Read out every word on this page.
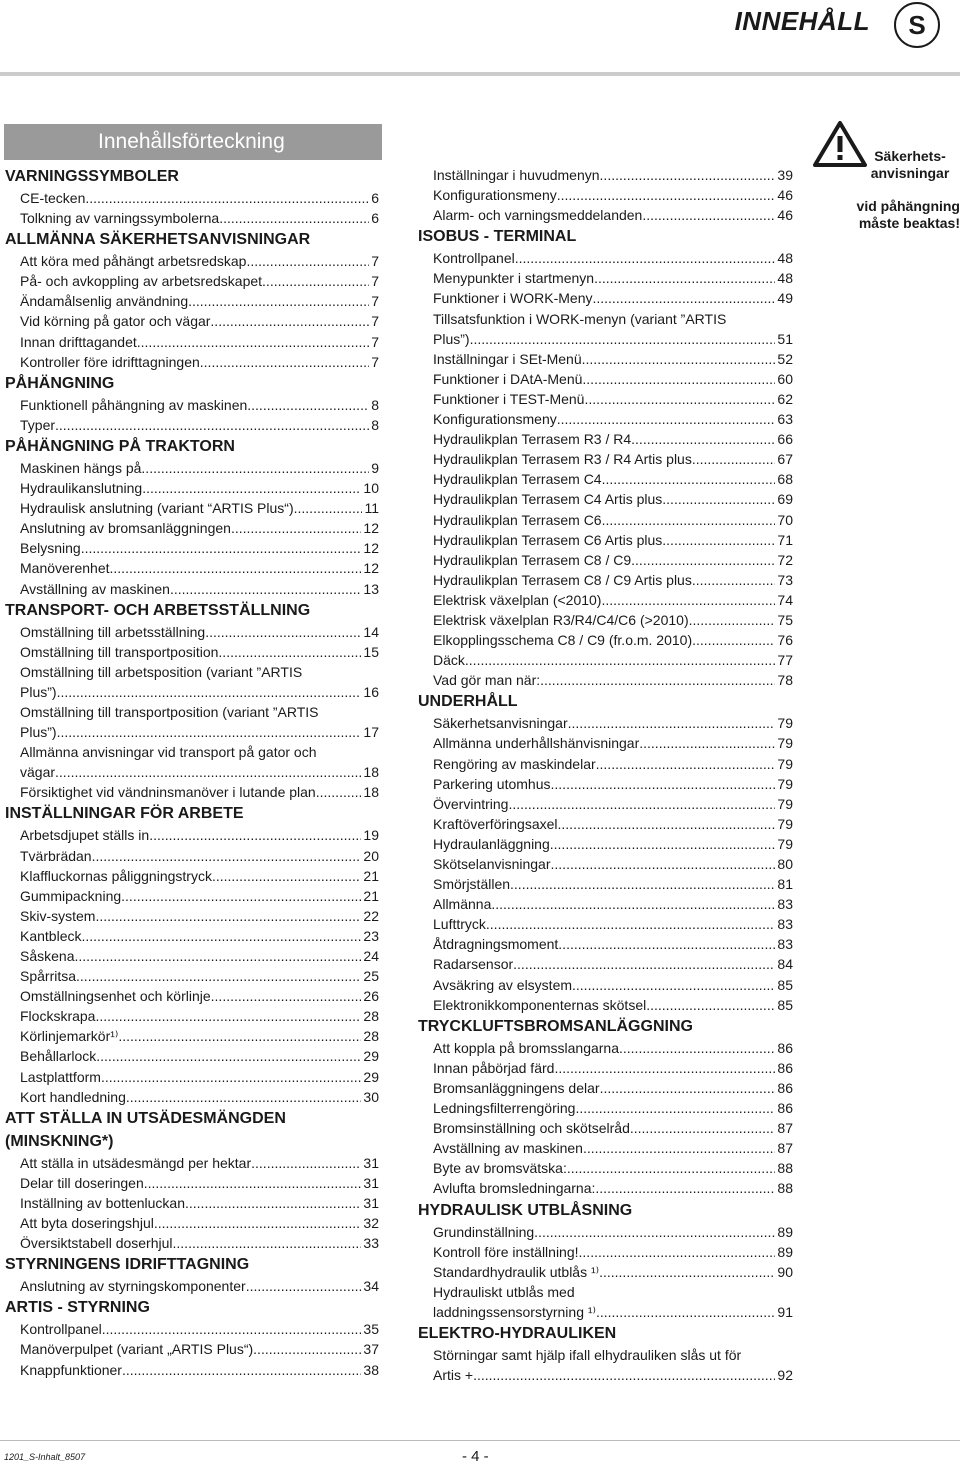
INNEHÅLL	S
Innehållsförteckning
VARNINGSSYMBOLER
CE-tecken .....	6
Tolkning av varningssymbolerna .....	6
ALLMÄNNA SÄKERHETSANVISNINGAR
Att köra med påhängt arbetsredskap .....	7
På- och avkoppling av arbetsredskapet .....	7
Ändamålsenlig användning .....	7
Vid körning på gator och vägar .....	7
Innan drifttagandet .....	7
Kontroller före idrifttagningen .....	7
PÅHÄNGNING
Funktionell påhängning av maskinen .....	8
Typer .....	8
PÅHÄNGNING PÅ TRAKTORN
Maskinen hängs på .....	9
Hydraulikanslutning .....	10
Hydraulisk anslutning (variant “ARTIS Plus“) .....	11
Anslutning av bromsanläggningen .....	12
Belysning .....	12
Manöverenhet .....	12
Avställning av maskinen .....	13
TRANSPORT- OCH ARBETSSTÄLLNING
Omställning till arbetsställning .....	14
Omställning till transportposition .....	15
Omställning till arbetsposition (variant ”ARTIS
Plus”) .....	16
Omställning till transportposition (variant ”ARTIS
Plus”) .....	17
Allmänna anvisningar vid transport på gator och
vägar .....	18
Försiktighet vid vändninsmanöver i lutande plan .....	18
INSTÄLLNINGAR FÖR ARBETE
Arbetsdjupet ställs in .....	19
Tvärbrädan .....	20
Klaffluckornas påliggningstryck .....	21
Gummipackning .....	21
Skiv-system .....	22
Kantbleck .....	23
Såskena .....	24
Spårritsa .....	25
Omställningsenhet och körlinje .....	26
Flockskrapa .....	28
Körlinjemarkör¹⁾ .....	28
Behållarlock .....	29
Lastplattform .....	29
Kort handledning .....	30
ATT STÄLLA IN UTSÄDESMÄNGDEN
(MINSKNING*)
Att ställa in utsädesmängd per hektar .....	31
Delar till doseringen .....	31
Inställning av bottenluckan .....	31
Att byta doseringshjul .....	32
Översiktstabell doserhjul .....	33
STYRNINGENS IDRIFTTAGNING
Anslutning av styrningskomponenter .....	34
ARTIS - STYRNING
Kontrollpanel .....	35
Manöverpulpet (variant „ARTIS Plus“) .....	37
Knappfunktioner .....	38
Inställningar i huvudmenyn .....	39
Konfigurationsmeny .....	46
Alarm- och varningsmeddelanden .....	46
ISOBUS - TERMINAL
Kontrollpanel .....	48
Menypunkter i startmenyn .....	48
Funktioner i WORK-Meny .....	49
Tillsatsfunktion i WORK-menyn (variant ”ARTIS
Plus”) .....	51
Inställningar i SEt-Menü .....	52
Funktioner i DAtA-Menü .....	60
Funktioner i TEST-Menü .....	62
Konfigurationsmeny .....	63
Hydraulikplan Terrasem R3 / R4 .....	66
Hydraulikplan Terrasem R3 / R4 Artis plus .....	67
Hydraulikplan Terrasem C4 .....	68
Hydraulikplan Terrasem C4 Artis plus .....	69
Hydraulikplan Terrasem C6 .....	70
Hydraulikplan Terrasem C6 Artis plus .....	71
Hydraulikplan Terrasem C8 / C9 .....	72
Hydraulikplan Terrasem C8 / C9 Artis plus .....	73
Elektrisk växelplan (<2010) .....	74
Elektrisk växelplan R3/R4/C4/C6 (>2010) .....	75
Elkopplingsschema C8 / C9 (fr.o.m. 2010) .....	76
Däck .....	77
Vad gör man när: .....	78
UNDERHÅLL
Säkerhetsanvisningar .....	79
Allmänna underhållshänvisningar .....	79
Rengöring av maskindelar .....	79
Parkering utomhus .....	79
Övervintring .....	79
Kraftöverföringsaxel .....	79
Hydraulanläggning .....	79
Skötselanvisningar .....	80
Smörjställen .....	81
Allmänna .....	83
Lufttryck .....	83
Åtdragningsmoment .....	83
Radarsensor .....	84
Avsäkring av elsystem .....	85
Elektronikkomponenternas skötsel .....	85
TRYCKLUFTSBROMSANLÄGGNING
Att koppla på bromsslangarna .....	86
Innan påbörjad färd .....	86
Bromsanläggningens delar .....	86
Ledningsfilterrengöring .....	86
Bromsinställning och skötselråd .....	87
Avställning av maskinen .....	87
Byte av bromsvätska: .....	88
Avlufta bromsledningarna: .....	88
HYDRAULISK UTBLÅSNING
Grundinställning .....	89
Kontroll före inställning! .....	89
Standardhydraulik utblås ¹⁾ .....	90
Hydrauliskt utblås med
laddningssensorstyrning ¹⁾ .....	91
ELEKTRO-HYDRAULIKEN
Störningar samt hjälp ifall elhydrauliken slås ut för
Artis + .....	92
Säkerhets-
anvisningar
vid påhängning
måste beaktas!
1201_S-Inhalt_8507	- 4 -
